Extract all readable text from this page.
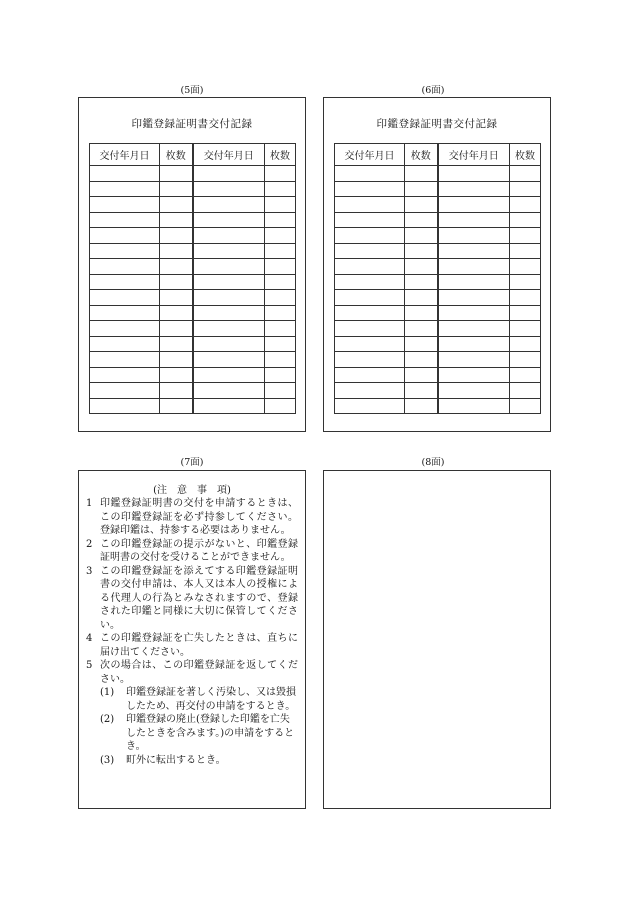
(5面)	(6面)
(7面)	(8面)
印鑑登録証明書交付記録
交付年月日	枚数	交付年月日	枚数

印鑑登録証明書交付記録
交付年月日	枚数	交付年月日	枚数

(注　意　事　項)
1 印鑑登録証明書の交付を申請するときは、この印鑑登録証を必ず持参してください。登録印鑑は、持参する必要はありません。
2 この印鑑登録証の提示がないと、印鑑登録証明書の交付を受けることができません。
3 この印鑑登録証を添えてする印鑑登録証明書の交付申請は、本人又は本人の授権による代理人の行為とみなされますので、登録された印鑑と同様に大切に保管してください。
4 この印鑑登録証を亡失したときは、直ちに届け出てください。
5 次の場合は、この印鑑登録証を返してください。
(1)	印鑑登録証を著しく汚染し、又は毀損したため、再交付の申請をするとき。
(2)	印鑑登録の廃止(登録した印鑑を亡失したときを含みます。)の申請をするとき。
(3)	町外に転出するとき。
